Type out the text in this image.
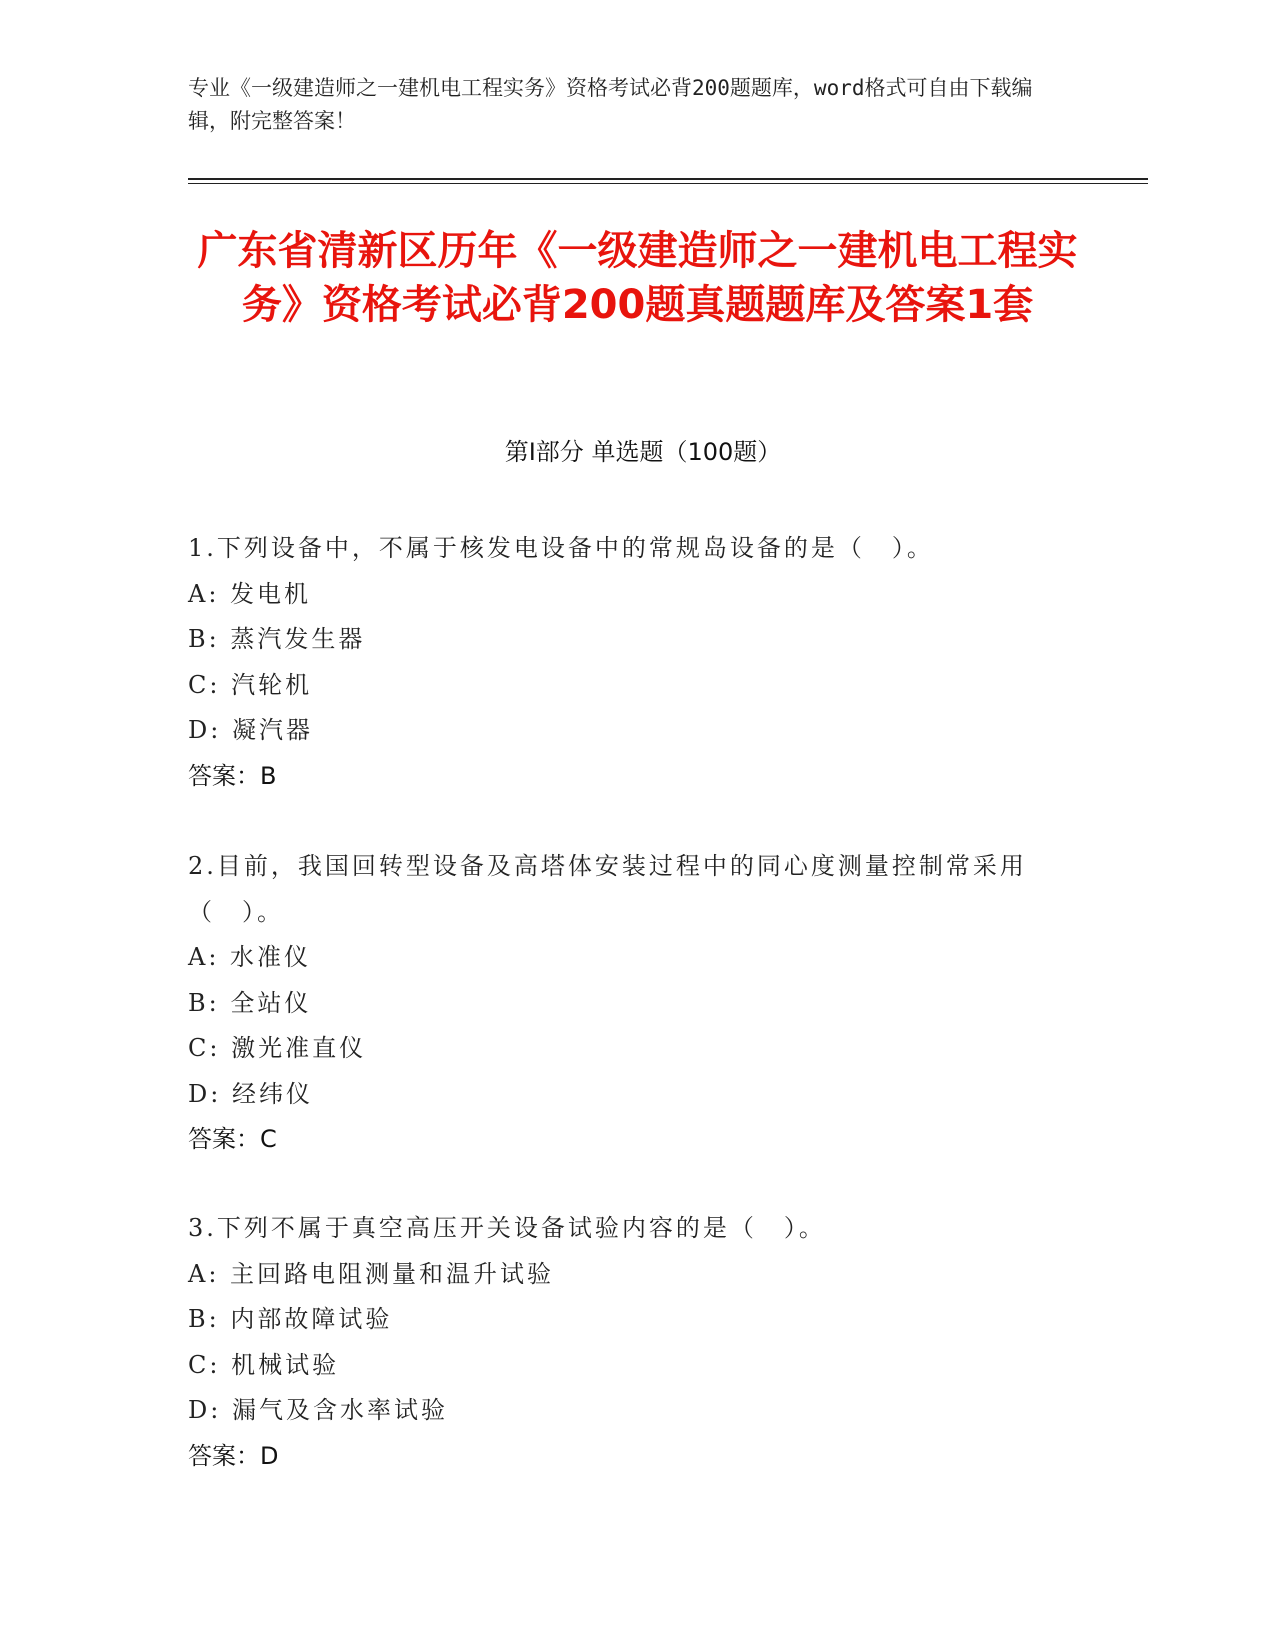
专业《一级建造师之一建机电工程实务》资格考试必背200题题库，word格式可自由下载编辑，附完整答案！
广东省清新区历年《一级建造师之一建机电工程实务》资格考试必背200题真题题库及答案1套
第Ⅰ部分 单选题（100题）

1.下列设备中，不属于核发电设备中的常规岛设备的是（　）。

A: 发电机

B: 蒸汽发生器

C: 汽轮机

D: 凝汽器

答案：B

2.目前，我国回转型设备及高塔体安装过程中的同心度测量控制常采用（　）。

A: 水准仪

B: 全站仪

C: 激光准直仪

D: 经纬仪

答案：C

3.下列不属于真空高压开关设备试验内容的是（　）。

A: 主回路电阻测量和温升试验

B: 内部故障试验

C: 机械试验

D: 漏气及含水率试验

答案：D
